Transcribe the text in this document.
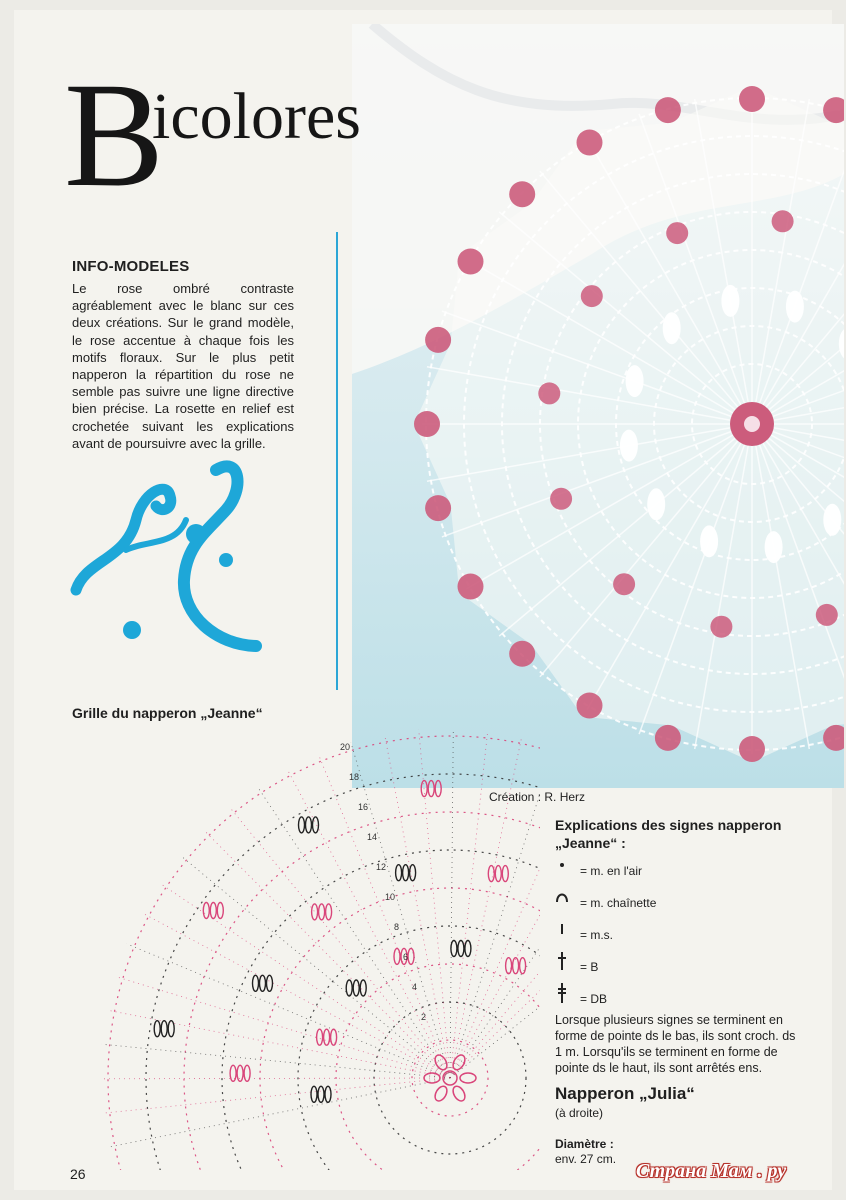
B
icolores
INFO-MODELES

Le rose ombré contraste agréablement avec le blanc sur ces deux créations. Sur le grand modèle, le rose accentue à chaque fois les motifs floraux. Sur le plus petit napperon la répartition du rose ne semble pas suivre une ligne directive bien précise. La rosette en relief est crochetée suivant les explications avant de poursuivre avec la grille.

Grille du napperon „Jeanne“

20
18
16
14
12
10
8
6
4
2
Création : R. Herz

Explications des signes napperon „Jeanne“ :

= m. en l'air
= m. chaînette
= m.s.
= B
= DB

Lorsque plusieurs signes se terminent en forme de pointe ds le bas, ils sont croch. ds 1 m. Lorsqu'ils se terminent en forme de pointe ds le haut, ils sont arrêtés ens.

Napperon „Julia“
(à droite)
Diamètre :
env. 27 cm.
26	Страна Мам . ру
